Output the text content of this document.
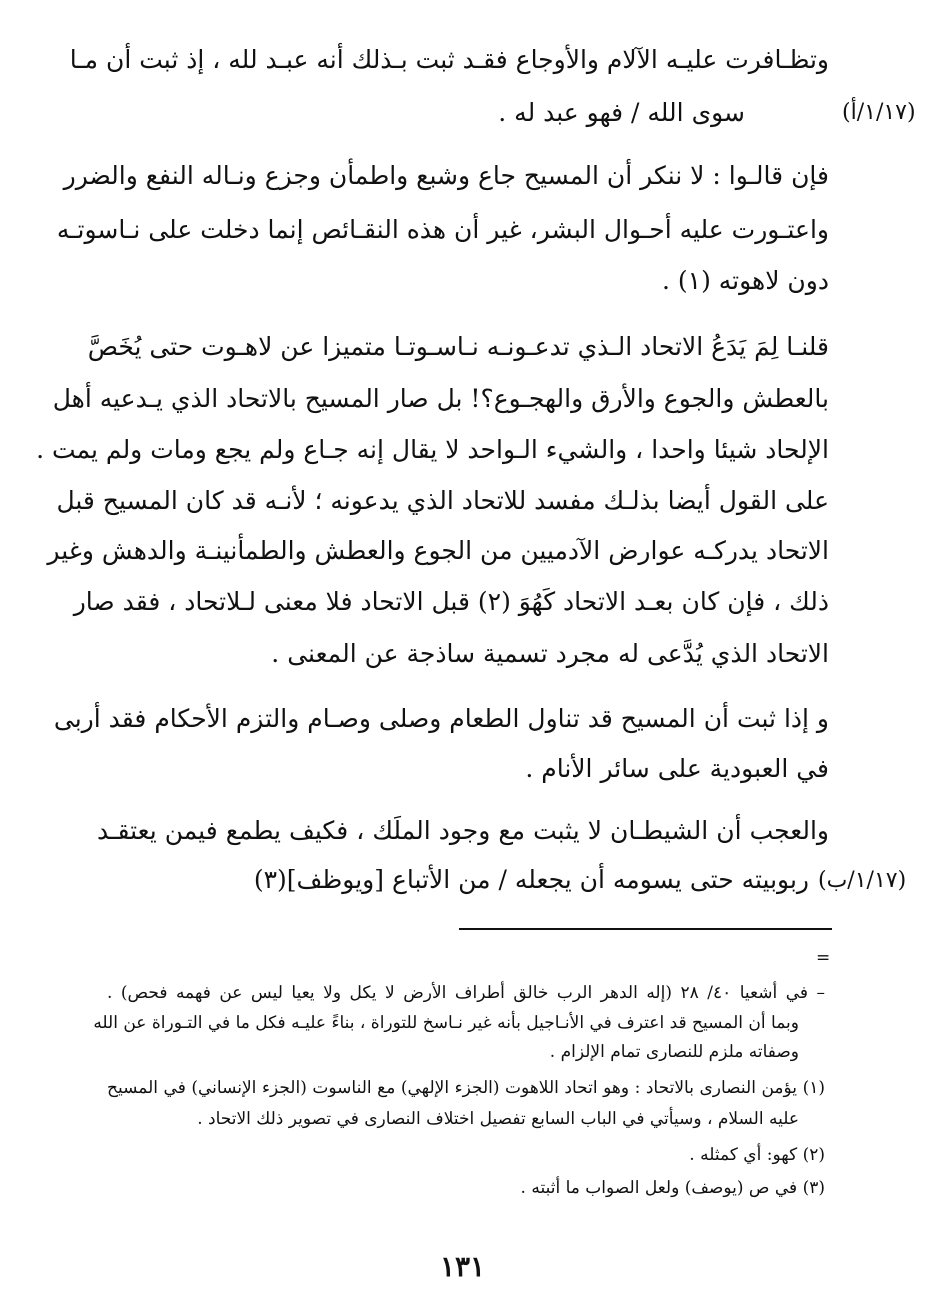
وتظـافرت عليـه الآلام والأوجاع فقـد ثبت بـذلك أنه عبـد لله ، إذ ثبت أن مـا
سوى الله / فهو عبد له .	(١/١٧/أ)
فإن قالـوا : لا ننكر أن المسيح جاع وشبع واطمأن وجزع ونـاله النفع والضرر
واعتـورت عليه أحـوال البشر، غير أن هذه النقـائص إنما دخلت على نـاسوتـه
دون لاهوته (١) .
قلنـا لِمَ يَدَعُ الاتحاد الـذي تدعـونـه نـاسـوتـا متميزا عن لاهـوت حتى يُخَصَّ
بالعطش والجوع والأرق والهجـوع؟! بل صار المسيح بالاتحاد الذي يـدعيه أهل
الإلحاد شيئا واحدا ، والشيء الـواحد لا يقال إنه جـاع ولم يجع ومات ولم يمت .
على القول أيضا بذلـك مفسد للاتحاد الذي يدعونه ؛ لأنـه قد كان المسيح قبل
الاتحاد يدركـه عوارض الآدميين من الجوع والعطش والطمأنينـة والدهش وغير
ذلك ، فإن كان بعـد الاتحاد كَهُوَ (٢) قبل الاتحاد فلا معنى لـلاتحاد ، فقد صار
الاتحاد الذي يُدَّعى له مجرد تسمية ساذجة عن المعنى .
و إذا ثبت أن المسيح قد تناول الطعام وصلى وصـام والتزم الأحكام فقد أربى
في العبودية على سائر الأنام .
والعجب أن الشيطـان لا يثبت مع وجود الملَك ، فكيف يطمع فيمن يعتقـد
ربوبيته حتى يسومه أن يجعله / من الأتباع [ويوظف](٣) (١/١٧/ب)
=
– في أشعيا ٤٠/ ٢٨ (إله الدهر الرب خالق أطراف الأرض لا يكل ولا يعيا ليس عن فهمه فحص) .
وبما أن المسيح قد اعترف في الأنـاجيل بأنه غير نـاسخ للتوراة ، بناءً عليـه فكل ما في التـوراة عن الله
وصفاته ملزم للنصارى تمام الإلزام .
(١) يؤمن النصارى بالاتحاد : وهو اتحاد اللاهوت (الجزء الإلهي) مع الناسوت (الجزء الإنساني) في المسيح
عليه السلام ، وسيأتي في الباب السابع تفصيل اختلاف النصارى في تصوير ذلك الاتحاد .
(٢) كهو: أي كمثله .
(٣) في ص (يوصف) ولعل الصواب ما أثبته .
١٣١
